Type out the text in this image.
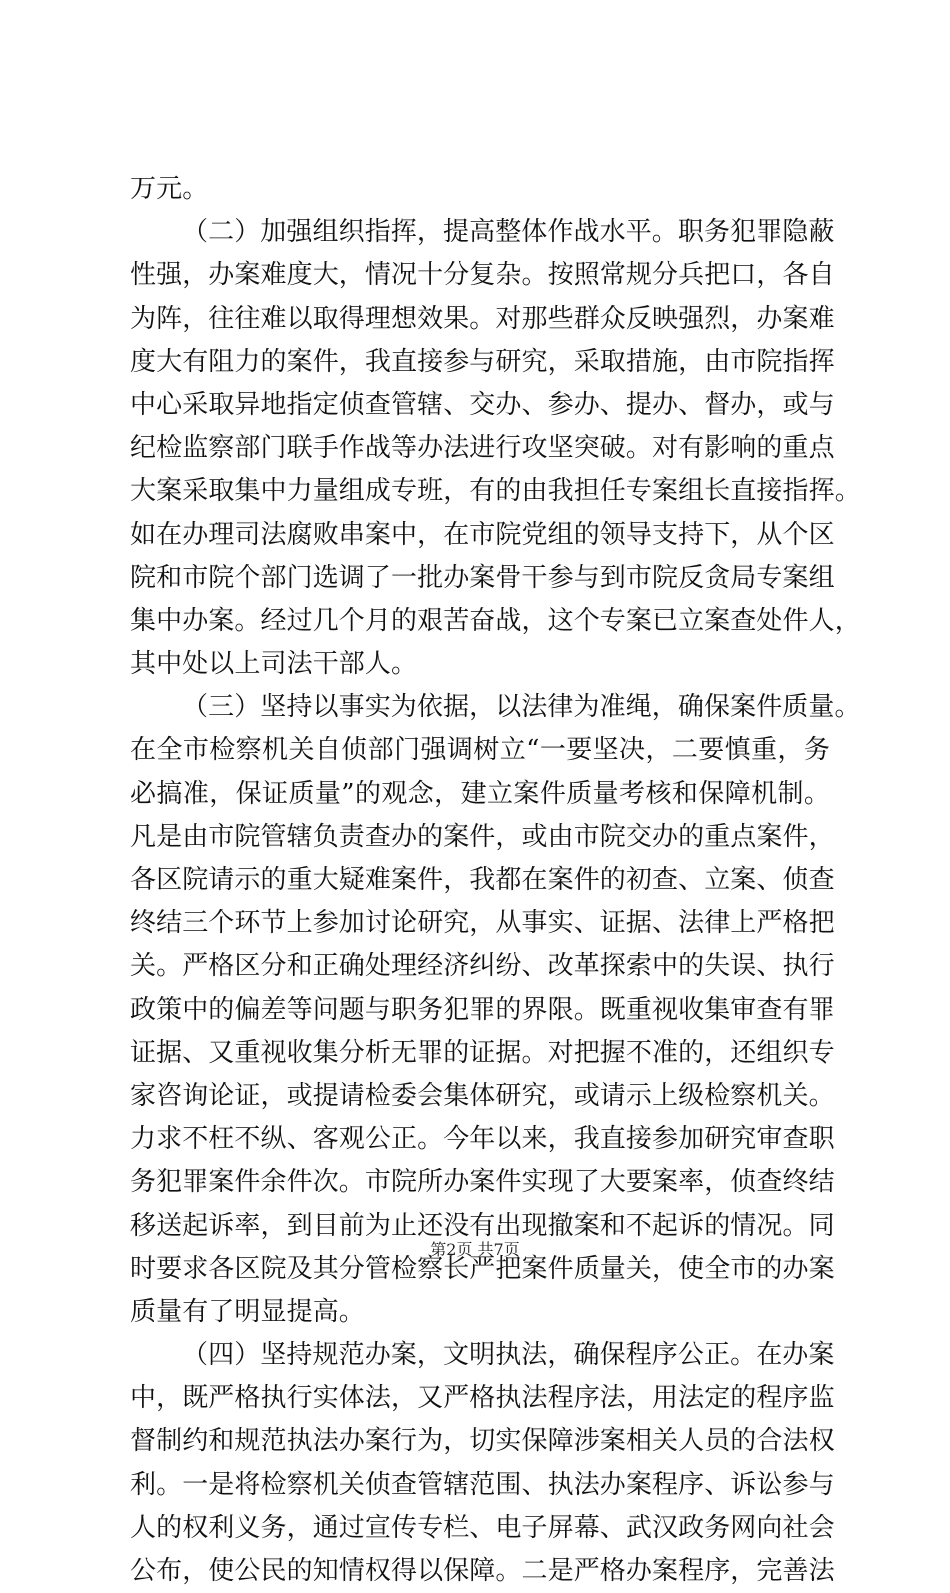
万元。
（二）加强组织指挥，提高整体作战水平。职务犯罪隐蔽
性强，办案难度大，情况十分复杂。按照常规分兵把口，各自
为阵，往往难以取得理想效果。对那些群众反映强烈，办案难
度大有阻力的案件，我直接参与研究，采取措施，由市院指挥
中心采取异地指定侦查管辖、交办、参办、提办、督办，或与
纪检监察部门联手作战等办法进行攻坚突破。对有影响的重点
大案采取集中力量组成专班，有的由我担任专案组长直接指挥。
如在办理司法腐败串案中，在市院党组的领导支持下，从个区
院和市院个部门选调了一批办案骨干参与到市院反贪局专案组
集中办案。经过几个月的艰苦奋战，这个专案已立案查处件人，
其中处以上司法干部人。
（三）坚持以事实为依据，以法律为准绳，确保案件质量。
在全市检察机关自侦部门强调树立“一要坚决，二要慎重，务
必搞准，保证质量”的观念，建立案件质量考核和保障机制。
凡是由市院管辖负责查办的案件，或由市院交办的重点案件，
各区院请示的重大疑难案件，我都在案件的初查、立案、侦查
终结三个环节上参加讨论研究，从事实、证据、法律上严格把
关。严格区分和正确处理经济纠纷、改革探索中的失误、执行
政策中的偏差等问题与职务犯罪的界限。既重视收集审查有罪
证据、又重视收集分析无罪的证据。对把握不准的，还组织专
家咨询论证，或提请检委会集体研究，或请示上级检察机关。
力求不枉不纵、客观公正。今年以来，我直接参加研究审查职
务犯罪案件余件次。市院所办案件实现了大要案率，侦查终结
移送起诉率，到目前为止还没有出现撤案和不起诉的情况。同
时要求各区院及其分管检察长严把案件质量关，使全市的办案
质量有了明显提高。
（四）坚持规范办案，文明执法，确保程序公正。在办案
中，既严格执行实体法，又严格执法程序法，用法定的程序监
督制约和规范执法办案行为，切实保障涉案相关人员的合法权
利。一是将检察机关侦查管辖范围、执法办案程序、诉讼参与
人的权利义务，通过宣传专栏、电子屏幕、武汉政务网向社会
公布，使公民的知情权得以保障。二是严格办案程序，完善法
第2页 共7页
